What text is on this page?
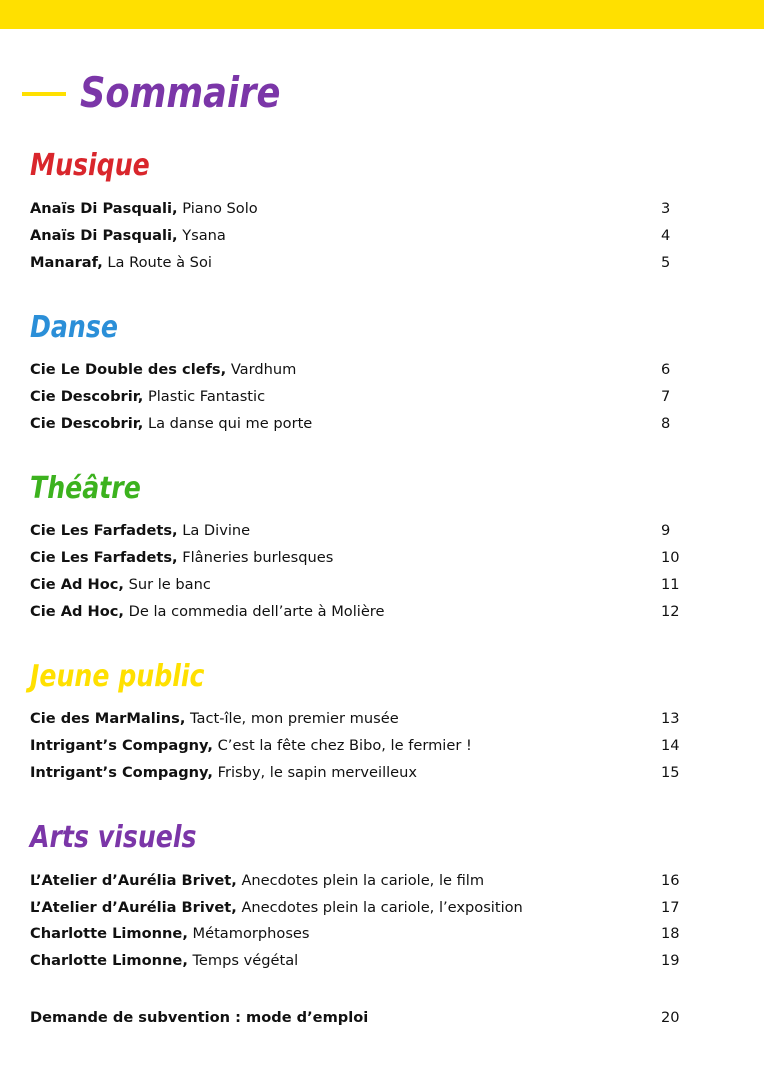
Sommaire
Musique
Anaïs Di Pasquali, Piano Solo	3
Anaïs Di Pasquali, Ysana	4
Manaraf, La Route à Soi	5
Danse
Cie Le Double des clefs, Vardhum	6
Cie Descobrir, Plastic Fantastic	7
Cie Descobrir, La danse qui me porte	8
Théâtre
Cie Les Farfadets, La Divine	9
Cie Les Farfadets, Flâneries burlesques	10
Cie Ad Hoc, Sur le banc	11
Cie Ad Hoc, De la commedia dell’arte à Molière	12
Jeune public
Cie des MarMalins, Tact-île, mon premier musée	13
Intrigant’s Compagny, C’est la fête chez Bibo, le fermier !	14
Intrigant’s Compagny, Frisby, le sapin merveilleux	15
Arts visuels
L’Atelier d’Aurélia Brivet, Anecdotes plein la cariole, le film	16
L’Atelier d’Aurélia Brivet, Anecdotes plein la cariole, l’exposition	17
Charlotte Limonne, Métamorphoses	18
Charlotte Limonne, Temps végétal	19
Demande de subvention : mode d’emploi	20
